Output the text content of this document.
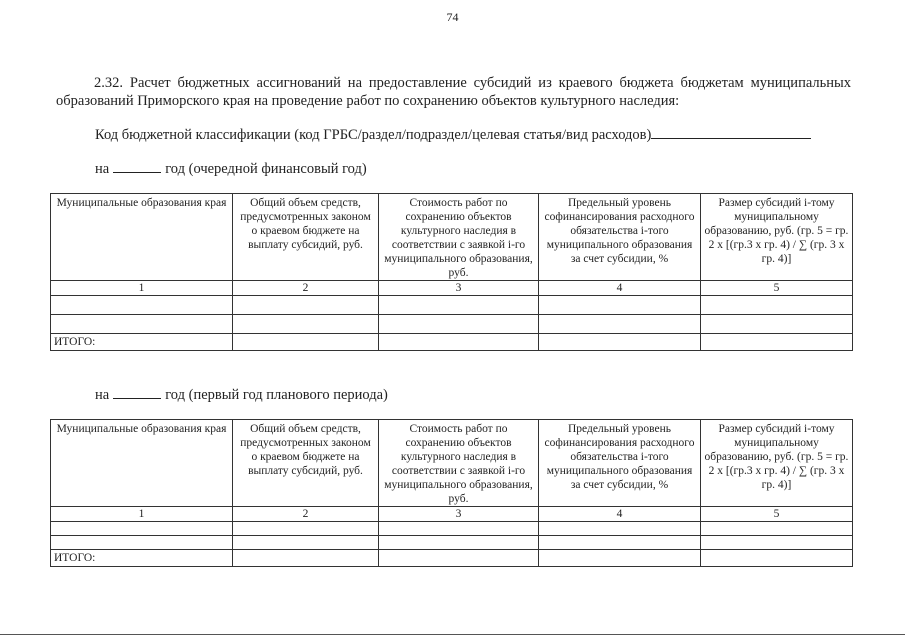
74
2.32. Расчет бюджетных ассигнований на предоставление субсидий из краевого бюджета бюджетам муниципальных образований Приморского края на проведение работ по сохранению объектов культурного наследия:
Код бюджетной классификации (код ГРБС/раздел/подраздел/целевая статья/вид расходов)
на	год (очередной финансовый год)
Муниципальные образования края	Общий объем средств, предусмотренных законом о краевом бюджете на выплату субсидий, руб.	Стоимость работ по сохранению объектов культурного наследия в соответствии с заявкой i-го муниципального образования, руб.	Предельный уровень софинансирования расходного обязательства i-того муниципального образования за счет субсидии, %	Размер субсидий i-тому муниципальному образованию, руб. (гр. 5 = гр. 2 x [(гр.3 x гр. 4) / ∑ (гр. 3 x гр. 4)]
1	2	3	4	5

ИТОГО:				
на	год (первый год планового периода)
Муниципальные образования края	Общий объем средств, предусмотренных законом о краевом бюджете на выплату субсидий, руб.	Стоимость работ по сохранению объектов культурного наследия в соответствии с заявкой i-го муниципального образования, руб.	Предельный уровень софинансирования расходного обязательства i-того муниципального образования за счет субсидии, %	Размер субсидий i-тому муниципальному образованию, руб. (гр. 5 = гр. 2 x [(гр.3 x гр. 4) / ∑ (гр. 3 x гр. 4)]
1	2	3	4	5

ИТОГО:				
